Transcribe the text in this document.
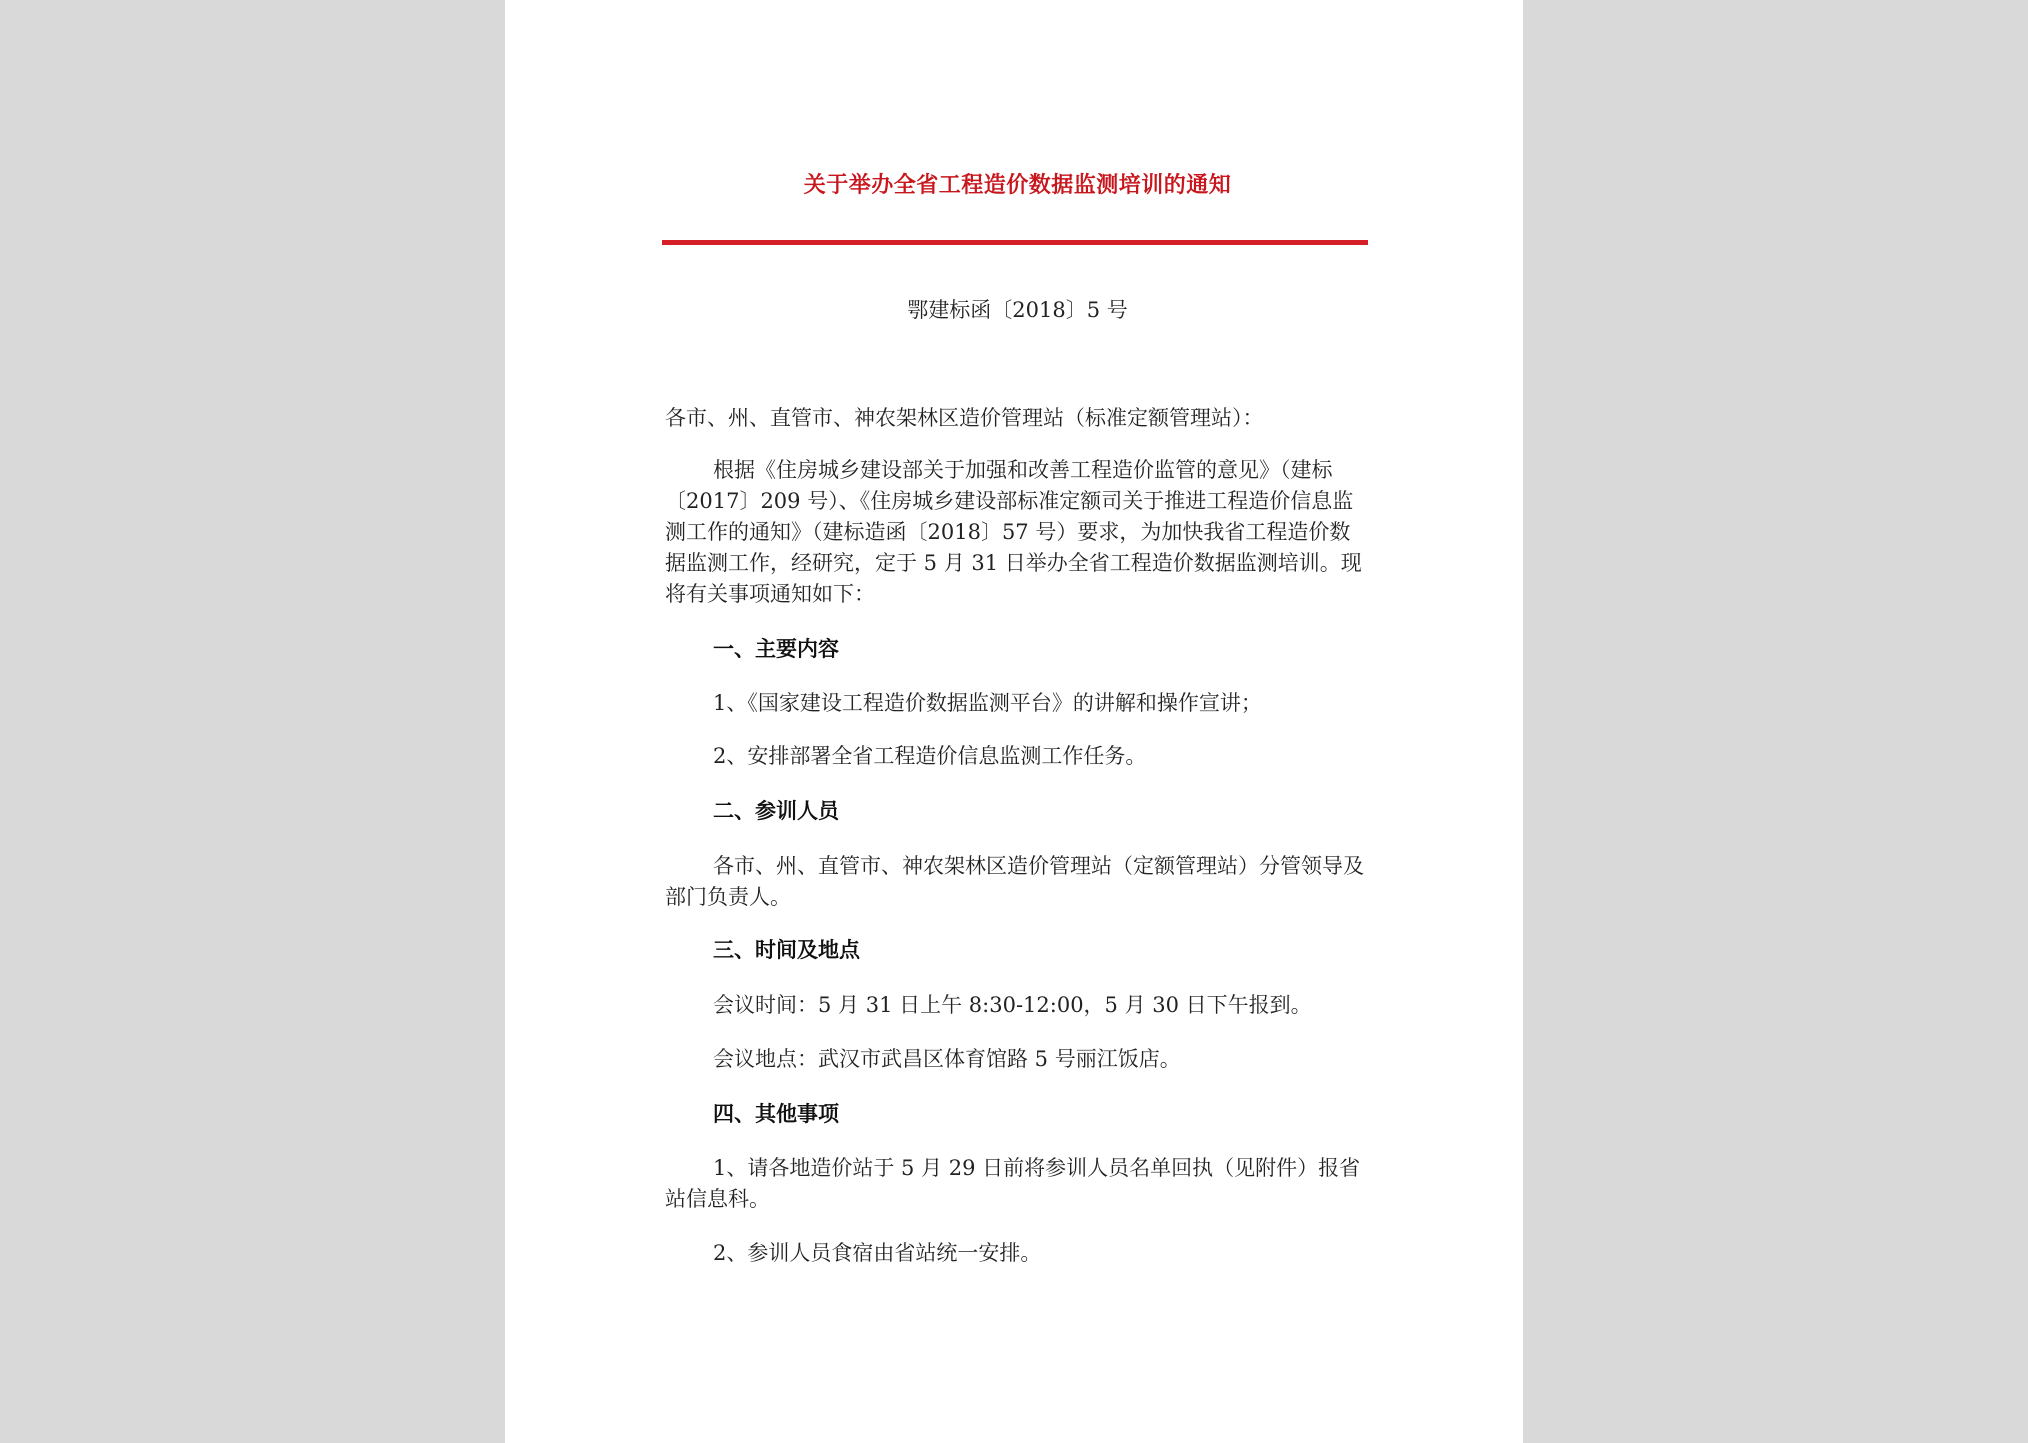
关于举办全省工程造价数据监测培训的通知
鄂建标函〔2018〕5 号

各市、州、直管市、神农架林区造价管理站（标准定额管理站）：

根据《住房城乡建设部关于加强和改善工程造价监管的意见》（建标〔2017〕209 号）、《住房城乡建设部标准定额司关于推进工程造价信息监测工作的通知》（建标造函〔2018〕57 号）要求，为加快我省工程造价数据监测工作，经研究，定于 5 月 31 日举办全省工程造价数据监测培训。现将有关事项通知如下：

一、主要内容

1、《国家建设工程造价数据监测平台》的讲解和操作宣讲；

2、安排部署全省工程造价信息监测工作任务。

二、参训人员

各市、州、直管市、神农架林区造价管理站（定额管理站）分管领导及部门负责人。

三、时间及地点

会议时间：5 月 31 日上午 8:30-12:00，5 月 30 日下午报到。

会议地点：武汉市武昌区体育馆路 5 号丽江饭店。

四、其他事项

1、请各地造价站于 5 月 29 日前将参训人员名单回执（见附件）报省站信息科。

2、参训人员食宿由省站统一安排。
